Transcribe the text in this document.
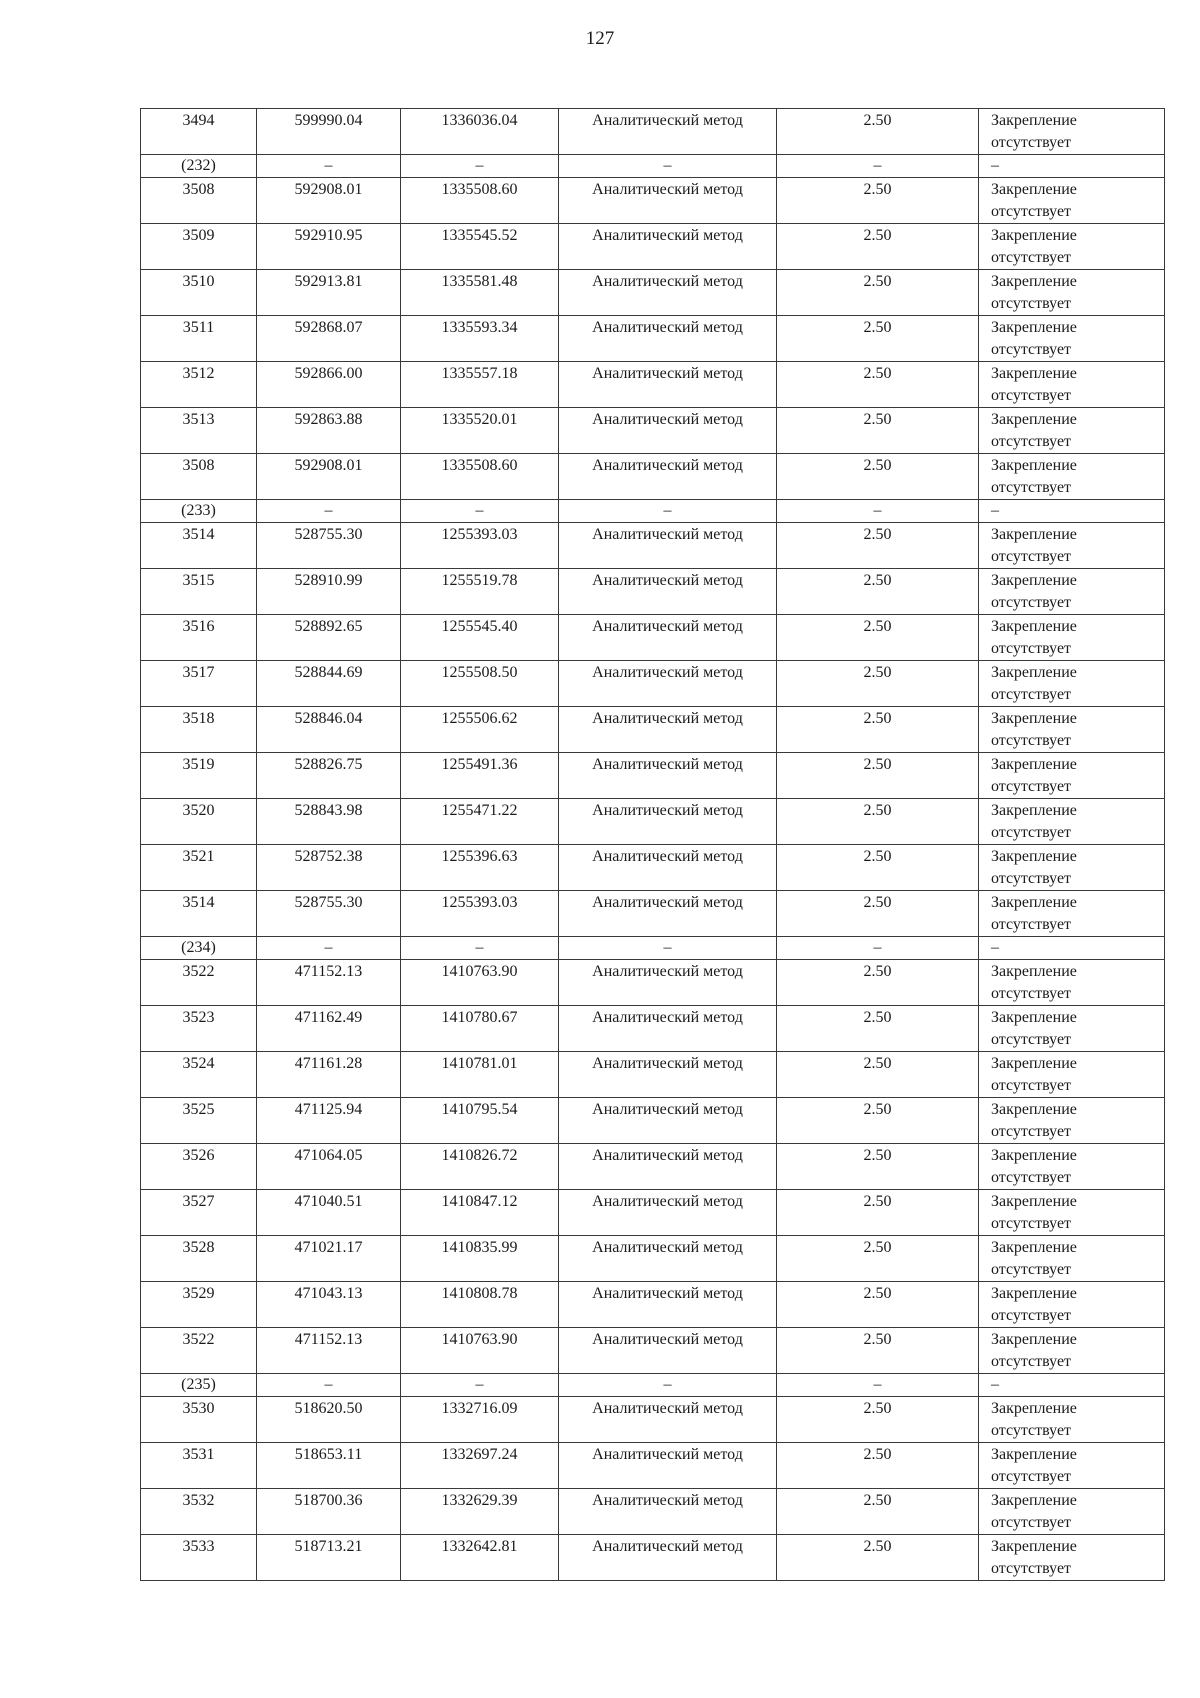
127
3494	599990.04	1336036.04	Аналитический метод	2.50	Закрепление
отсутствует

(232)	–	–	–	–	–
3508	592908.01	1335508.60	Аналитический метод	2.50	Закрепление
отсутствует

3509	592910.95	1335545.52	Аналитический метод	2.50	Закрепление
отсутствует

3510	592913.81	1335581.48	Аналитический метод	2.50	Закрепление
отсутствует

3511	592868.07	1335593.34	Аналитический метод	2.50	Закрепление
отсутствует

3512	592866.00	1335557.18	Аналитический метод	2.50	Закрепление
отсутствует

3513	592863.88	1335520.01	Аналитический метод	2.50	Закрепление
отсутствует

3508	592908.01	1335508.60	Аналитический метод	2.50	Закрепление
отсутствует

(233)	–	–	–	–	–
3514	528755.30	1255393.03	Аналитический метод	2.50	Закрепление
отсутствует

3515	528910.99	1255519.78	Аналитический метод	2.50	Закрепление
отсутствует

3516	528892.65	1255545.40	Аналитический метод	2.50	Закрепление
отсутствует

3517	528844.69	1255508.50	Аналитический метод	2.50	Закрепление
отсутствует

3518	528846.04	1255506.62	Аналитический метод	2.50	Закрепление
отсутствует

3519	528826.75	1255491.36	Аналитический метод	2.50	Закрепление
отсутствует

3520	528843.98	1255471.22	Аналитический метод	2.50	Закрепление
отсутствует

3521	528752.38	1255396.63	Аналитический метод	2.50	Закрепление
отсутствует

3514	528755.30	1255393.03	Аналитический метод	2.50	Закрепление
отсутствует

(234)	–	–	–	–	–
3522	471152.13	1410763.90	Аналитический метод	2.50	Закрепление
отсутствует

3523	471162.49	1410780.67	Аналитический метод	2.50	Закрепление
отсутствует

3524	471161.28	1410781.01	Аналитический метод	2.50	Закрепление
отсутствует

3525	471125.94	1410795.54	Аналитический метод	2.50	Закрепление
отсутствует

3526	471064.05	1410826.72	Аналитический метод	2.50	Закрепление
отсутствует

3527	471040.51	1410847.12	Аналитический метод	2.50	Закрепление
отсутствует

3528	471021.17	1410835.99	Аналитический метод	2.50	Закрепление
отсутствует

3529	471043.13	1410808.78	Аналитический метод	2.50	Закрепление
отсутствует

3522	471152.13	1410763.90	Аналитический метод	2.50	Закрепление
отсутствует

(235)	–	–	–	–	–
3530	518620.50	1332716.09	Аналитический метод	2.50	Закрепление
отсутствует

3531	518653.11	1332697.24	Аналитический метод	2.50	Закрепление
отсутствует

3532	518700.36	1332629.39	Аналитический метод	2.50	Закрепление
отсутствует

3533	518713.21	1332642.81	Аналитический метод	2.50	Закрепление
отсутствует
